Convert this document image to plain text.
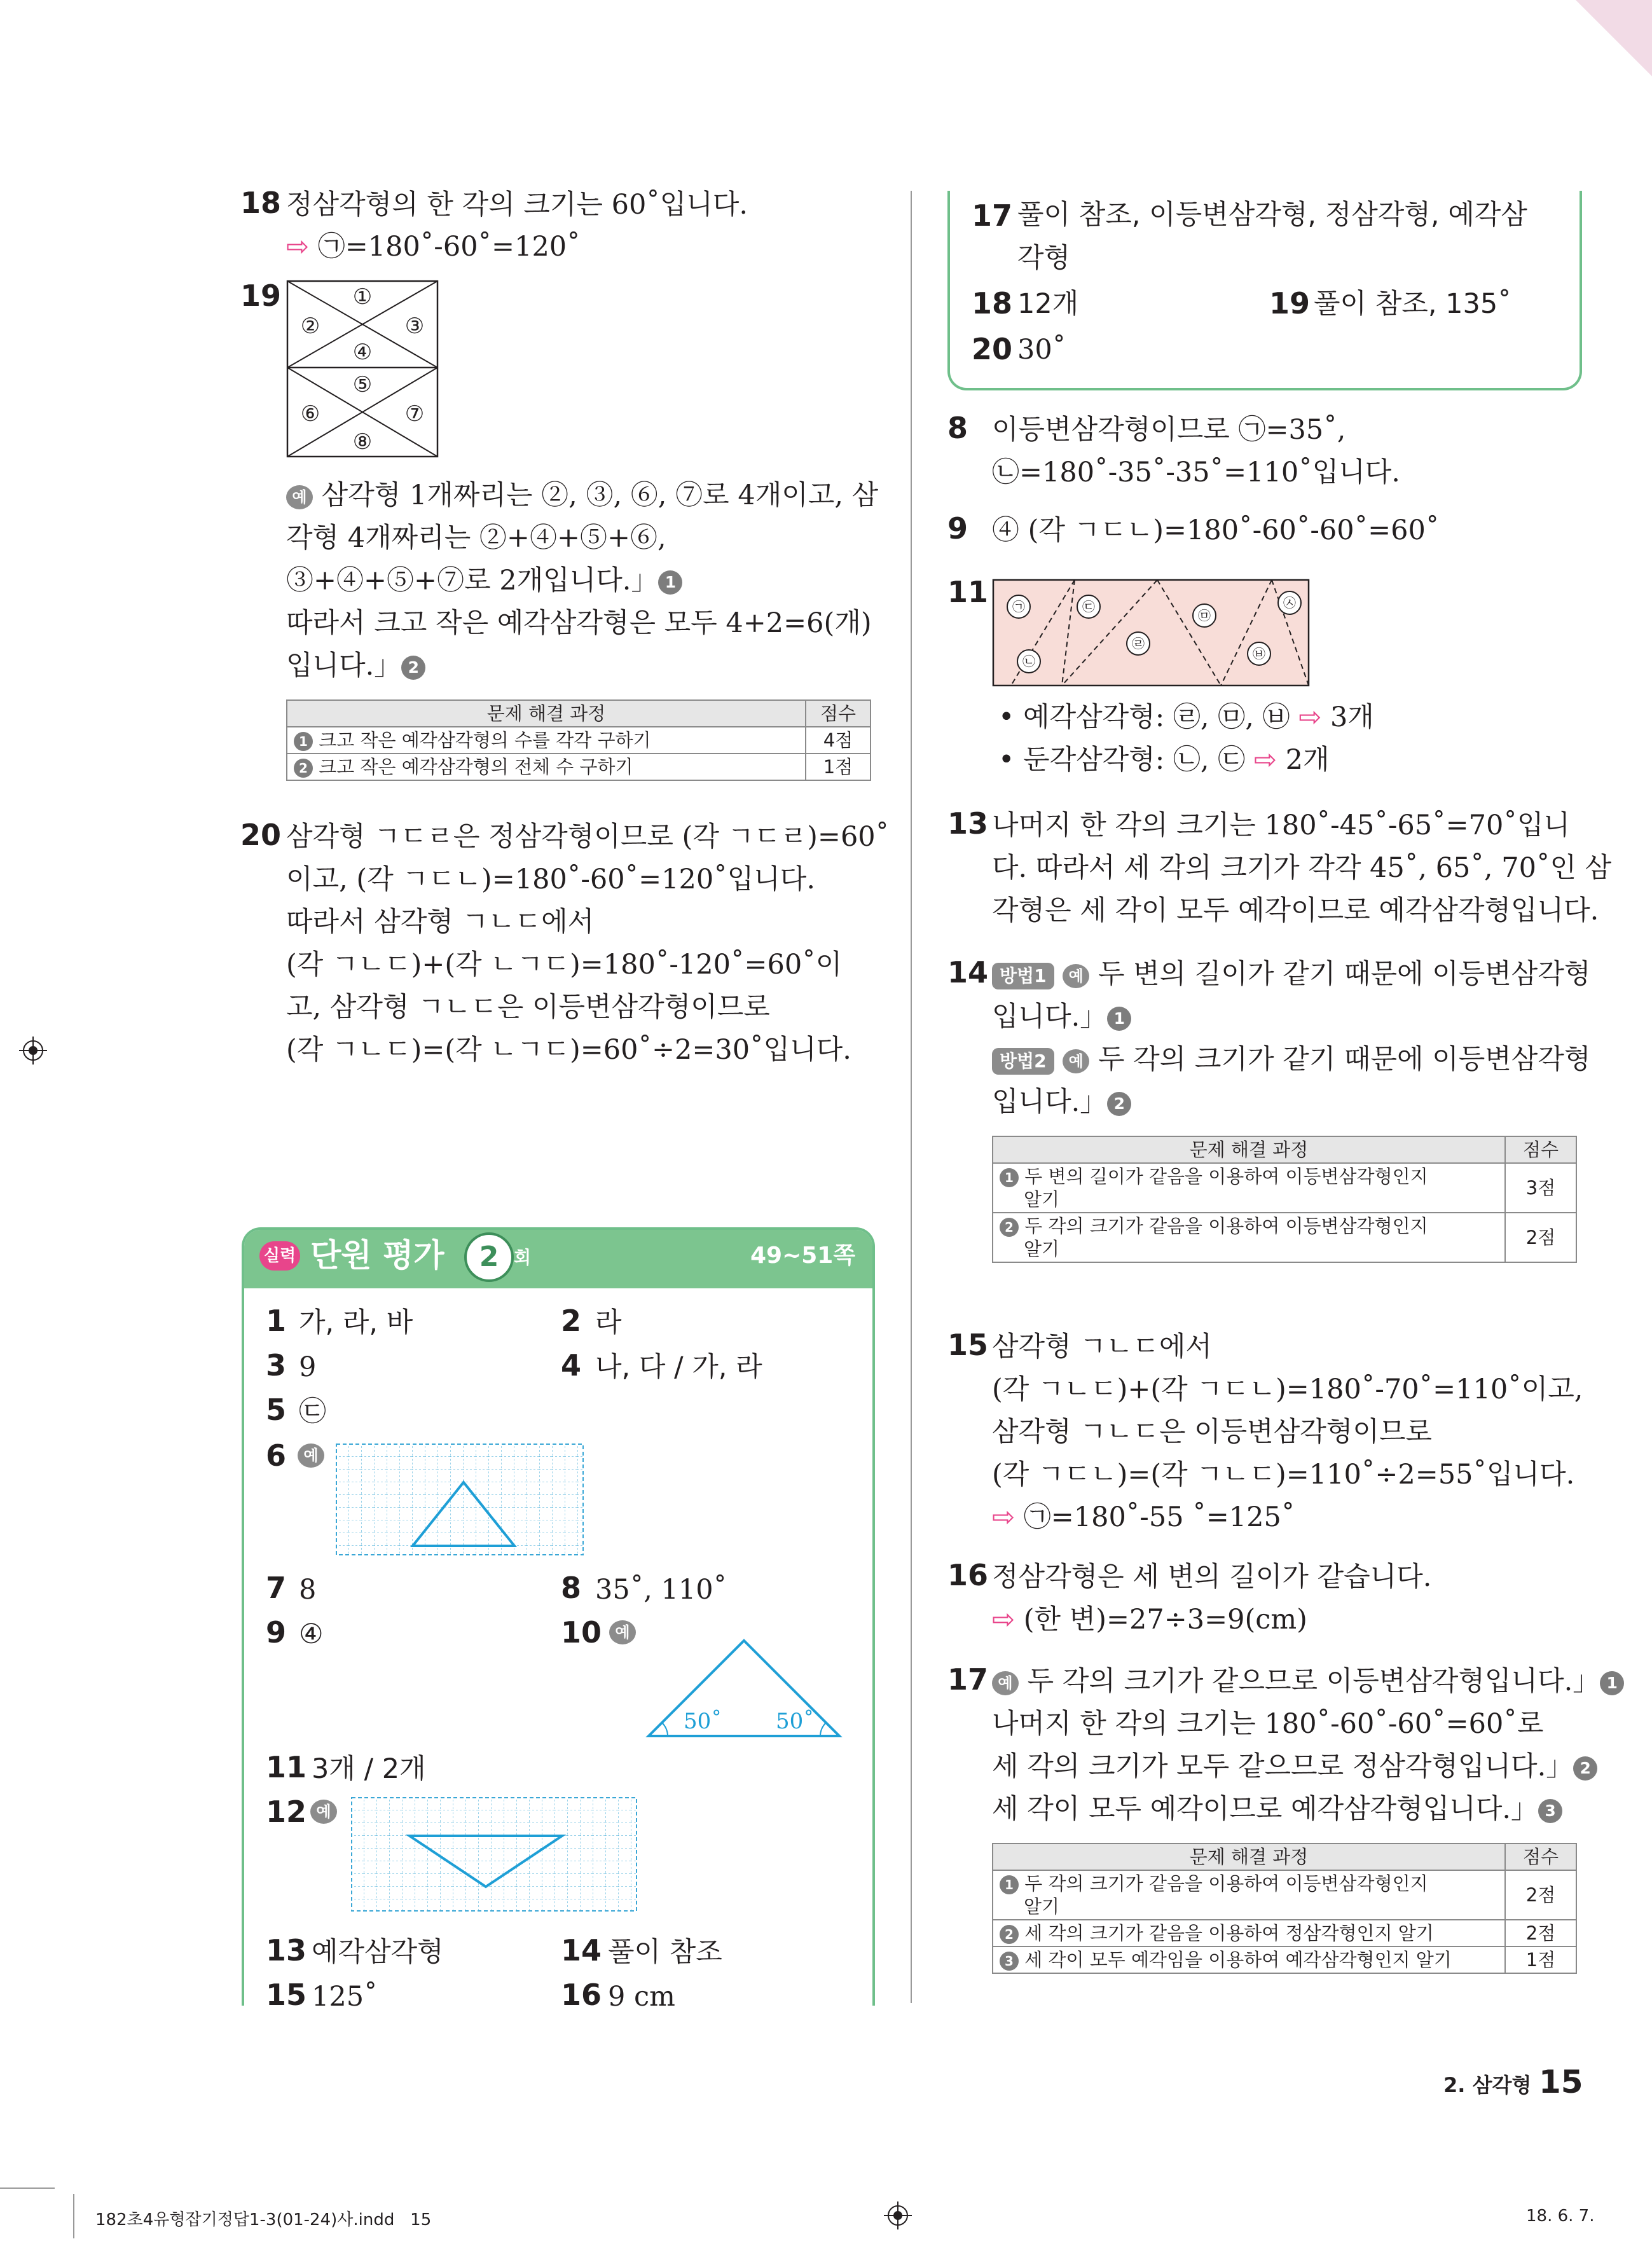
18 정삼각형의 한 각의 크기는 60˚입니다.
⇨ ㉠=180˚-60˚=120˚
19	①
②	③
④
⑤
⑥	⑦
⑧
예 삼각형 1개짜리는 ②, ③, ⑥, ⑦로 4개이고, 삼
각형 4개짜리는 ②+④+⑤+⑥,
③+④+⑤+⑦로 2개입니다.」 1
따라서 크고 작은 예각삼각형은 모두 4+2=6(개)
입니다.」 2
문제 해결 과정	점수
1 크고 작은 예각삼각형의 수를 각각 구하기	4점
2 크고 작은 예각삼각형의 전체 수 구하기	1점
20 삼각형 ㄱㄷㄹ은 정삼각형이므로 (각 ㄱㄷㄹ)=60˚
이고, (각 ㄱㄷㄴ)=180˚-60˚=120˚입니다.
따라서 삼각형 ㄱㄴㄷ에서
(각 ㄱㄴㄷ)+(각 ㄴㄱㄷ)=180˚-120˚=60˚이
고, 삼각형 ㄱㄴㄷ은 이등변삼각형이므로
(각 ㄱㄴㄷ)=(각 ㄴㄱㄷ)=60˚÷2=30˚입니다.
실력 단원 평가	2 회	49~51쪽
1 가, 라, 바	2 라
3 9	4 나, 다 / 가, 라
5 ㉢
6	예
7 8	8 35˚, 110˚
9 ④	10 예
50˚ 50˚
11 3개 / 2개
12 예
13 예각삼각형	14 풀이 참조
15 125˚	16 9 cm
17 풀이 참조, 이등변삼각형, 정삼각형, 예각삼
각형
18 12개	19 풀이 참조, 135˚
20 30˚
8 이등변삼각형이므로 ㉠=35˚,
㉡=180˚-35˚-35˚=110˚입니다.
9 ④ (각 ㄱㄷㄴ)=180˚-60˚-60˚=60˚
11 ㉠
㉡
㉢
㉣
㉤
㉥
㉦
• 예각삼각형: ㉣, ㉤, ㉥ ⇨ 3개
• 둔각삼각형: ㉡, ㉢ ⇨ 2개
13 나머지 한 각의 크기는 180˚-45˚-65˚=70˚입니
다. 따라서 세 각의 크기가 각각 45˚, 65˚, 70˚인 삼
각형은 세 각이 모두 예각이므로 예각삼각형입니다.
14 방법1 예 두 변의 길이가 같기 때문에 이등변삼각형
입니다.」 1
방법2 예 두 각의 크기가 같기 때문에 이등변삼각형
입니다.」 2
문제 해결 과정	점수
1 두 변의 길이가 같음을 이용하여 이등변삼각형인지
알기	3점
2 두 각의 크기가 같음을 이용하여 이등변삼각형인지
알기	2점
15 삼각형 ㄱㄴㄷ에서
(각 ㄱㄴㄷ)+(각 ㄱㄷㄴ)=180˚-70˚=110˚이고,
삼각형 ㄱㄴㄷ은 이등변삼각형이므로
(각 ㄱㄷㄴ)=(각 ㄱㄴㄷ)=110˚÷2=55˚입니다.
⇨ ㉠=180˚-55 ˚=125˚
16 정삼각형은 세 변의 길이가 같습니다.
⇨ (한 변)=27÷3=9(cm)
17 예 두 각의 크기가 같으므로 이등변삼각형입니다.」 1
나머지 한 각의 크기는 180˚-60˚-60˚=60˚로
세 각의 크기가 모두 같으므로 정삼각형입니다.」 2
세 각이 모두 예각이므로 예각삼각형입니다.」 3
문제 해결 과정	점수
1 두 각의 크기가 같음을 이용하여 이등변삼각형인지
알기	2점
2 세 각의 크기가 같음을 이용하여 정삼각형인지 알기	2점
3 세 각이 모두 예각임을 이용하여 예각삼각형인지 알기	1점
2. 삼각형 15
182초4유형잡기정답1-3(01-24)사.indd   15	18. 6. 7.
